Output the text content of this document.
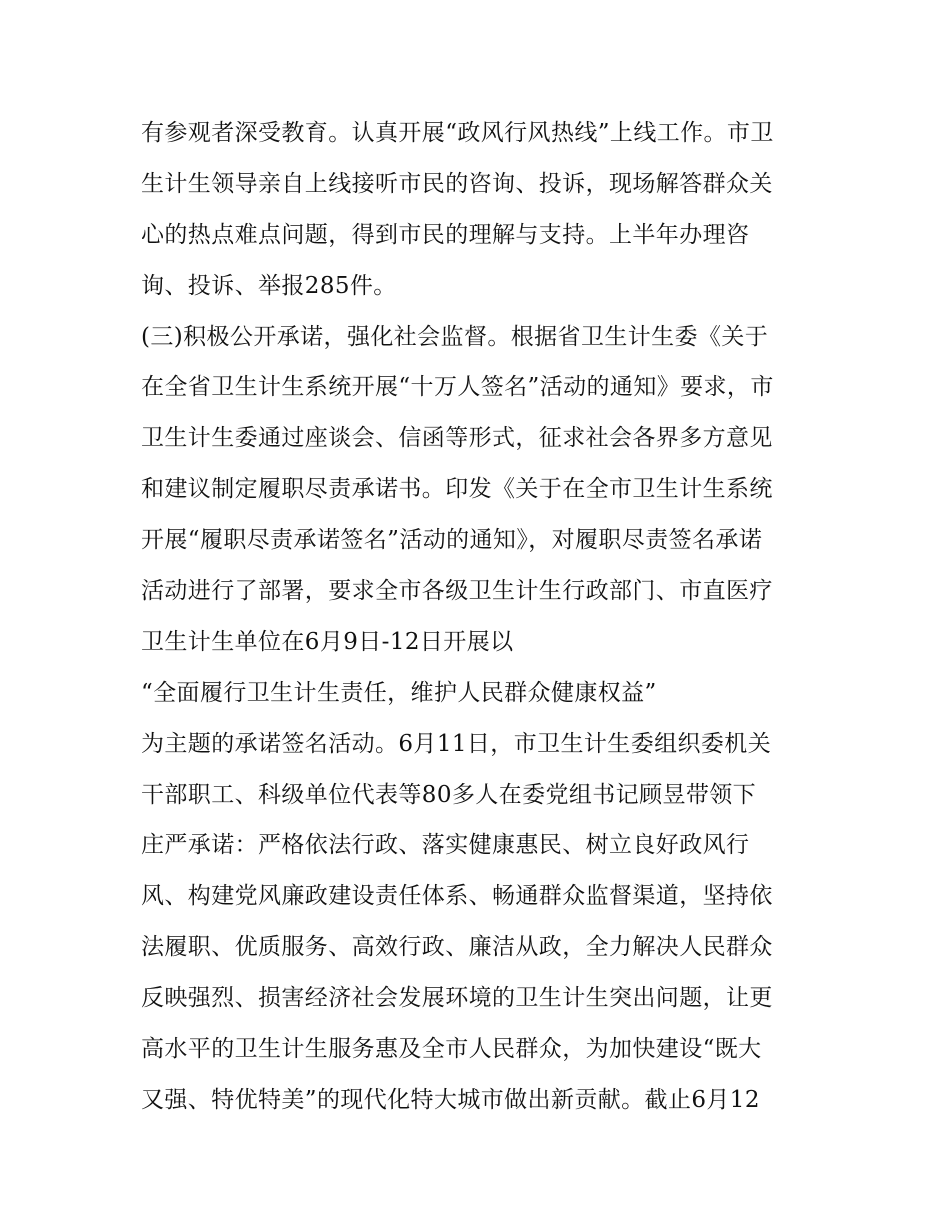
有参观者深受教育。认真开展“政风行风热线”上线工作。市卫
生计生领导亲自上线接听市民的咨询、投诉，现场解答群众关
心的热点难点问题，得到市民的理解与支持。上半年办理咨
询、投诉、举报285件。
(三)积极公开承诺，强化社会监督。根据省卫生计生委《关于
在全省卫生计生系统开展“十万人签名”活动的通知》要求，市
卫生计生委通过座谈会、信函等形式，征求社会各界多方意见
和建议制定履职尽责承诺书。印发《关于在全市卫生计生系统
开展“履职尽责承诺签名”活动的通知》，对履职尽责签名承诺
活动进行了部署，要求全市各级卫生计生行政部门、市直医疗
卫生计生单位在6月9日-12日开展以
“全面履行卫生计生责任，维护人民群众健康权益”
为主题的承诺签名活动。6月11日，市卫生计生委组织委机关
干部职工、科级单位代表等80多人在委党组书记顾昱带领下
庄严承诺：严格依法行政、落实健康惠民、树立良好政风行
风、构建党风廉政建设责任体系、畅通群众监督渠道，坚持依
法履职、优质服务、高效行政、廉洁从政，全力解决人民群众
反映强烈、损害经济社会发展环境的卫生计生突出问题，让更
高水平的卫生计生服务惠及全市人民群众，为加快建设“既大
又强、特优特美”的现代化特大城市做出新贡献。截止6月12
